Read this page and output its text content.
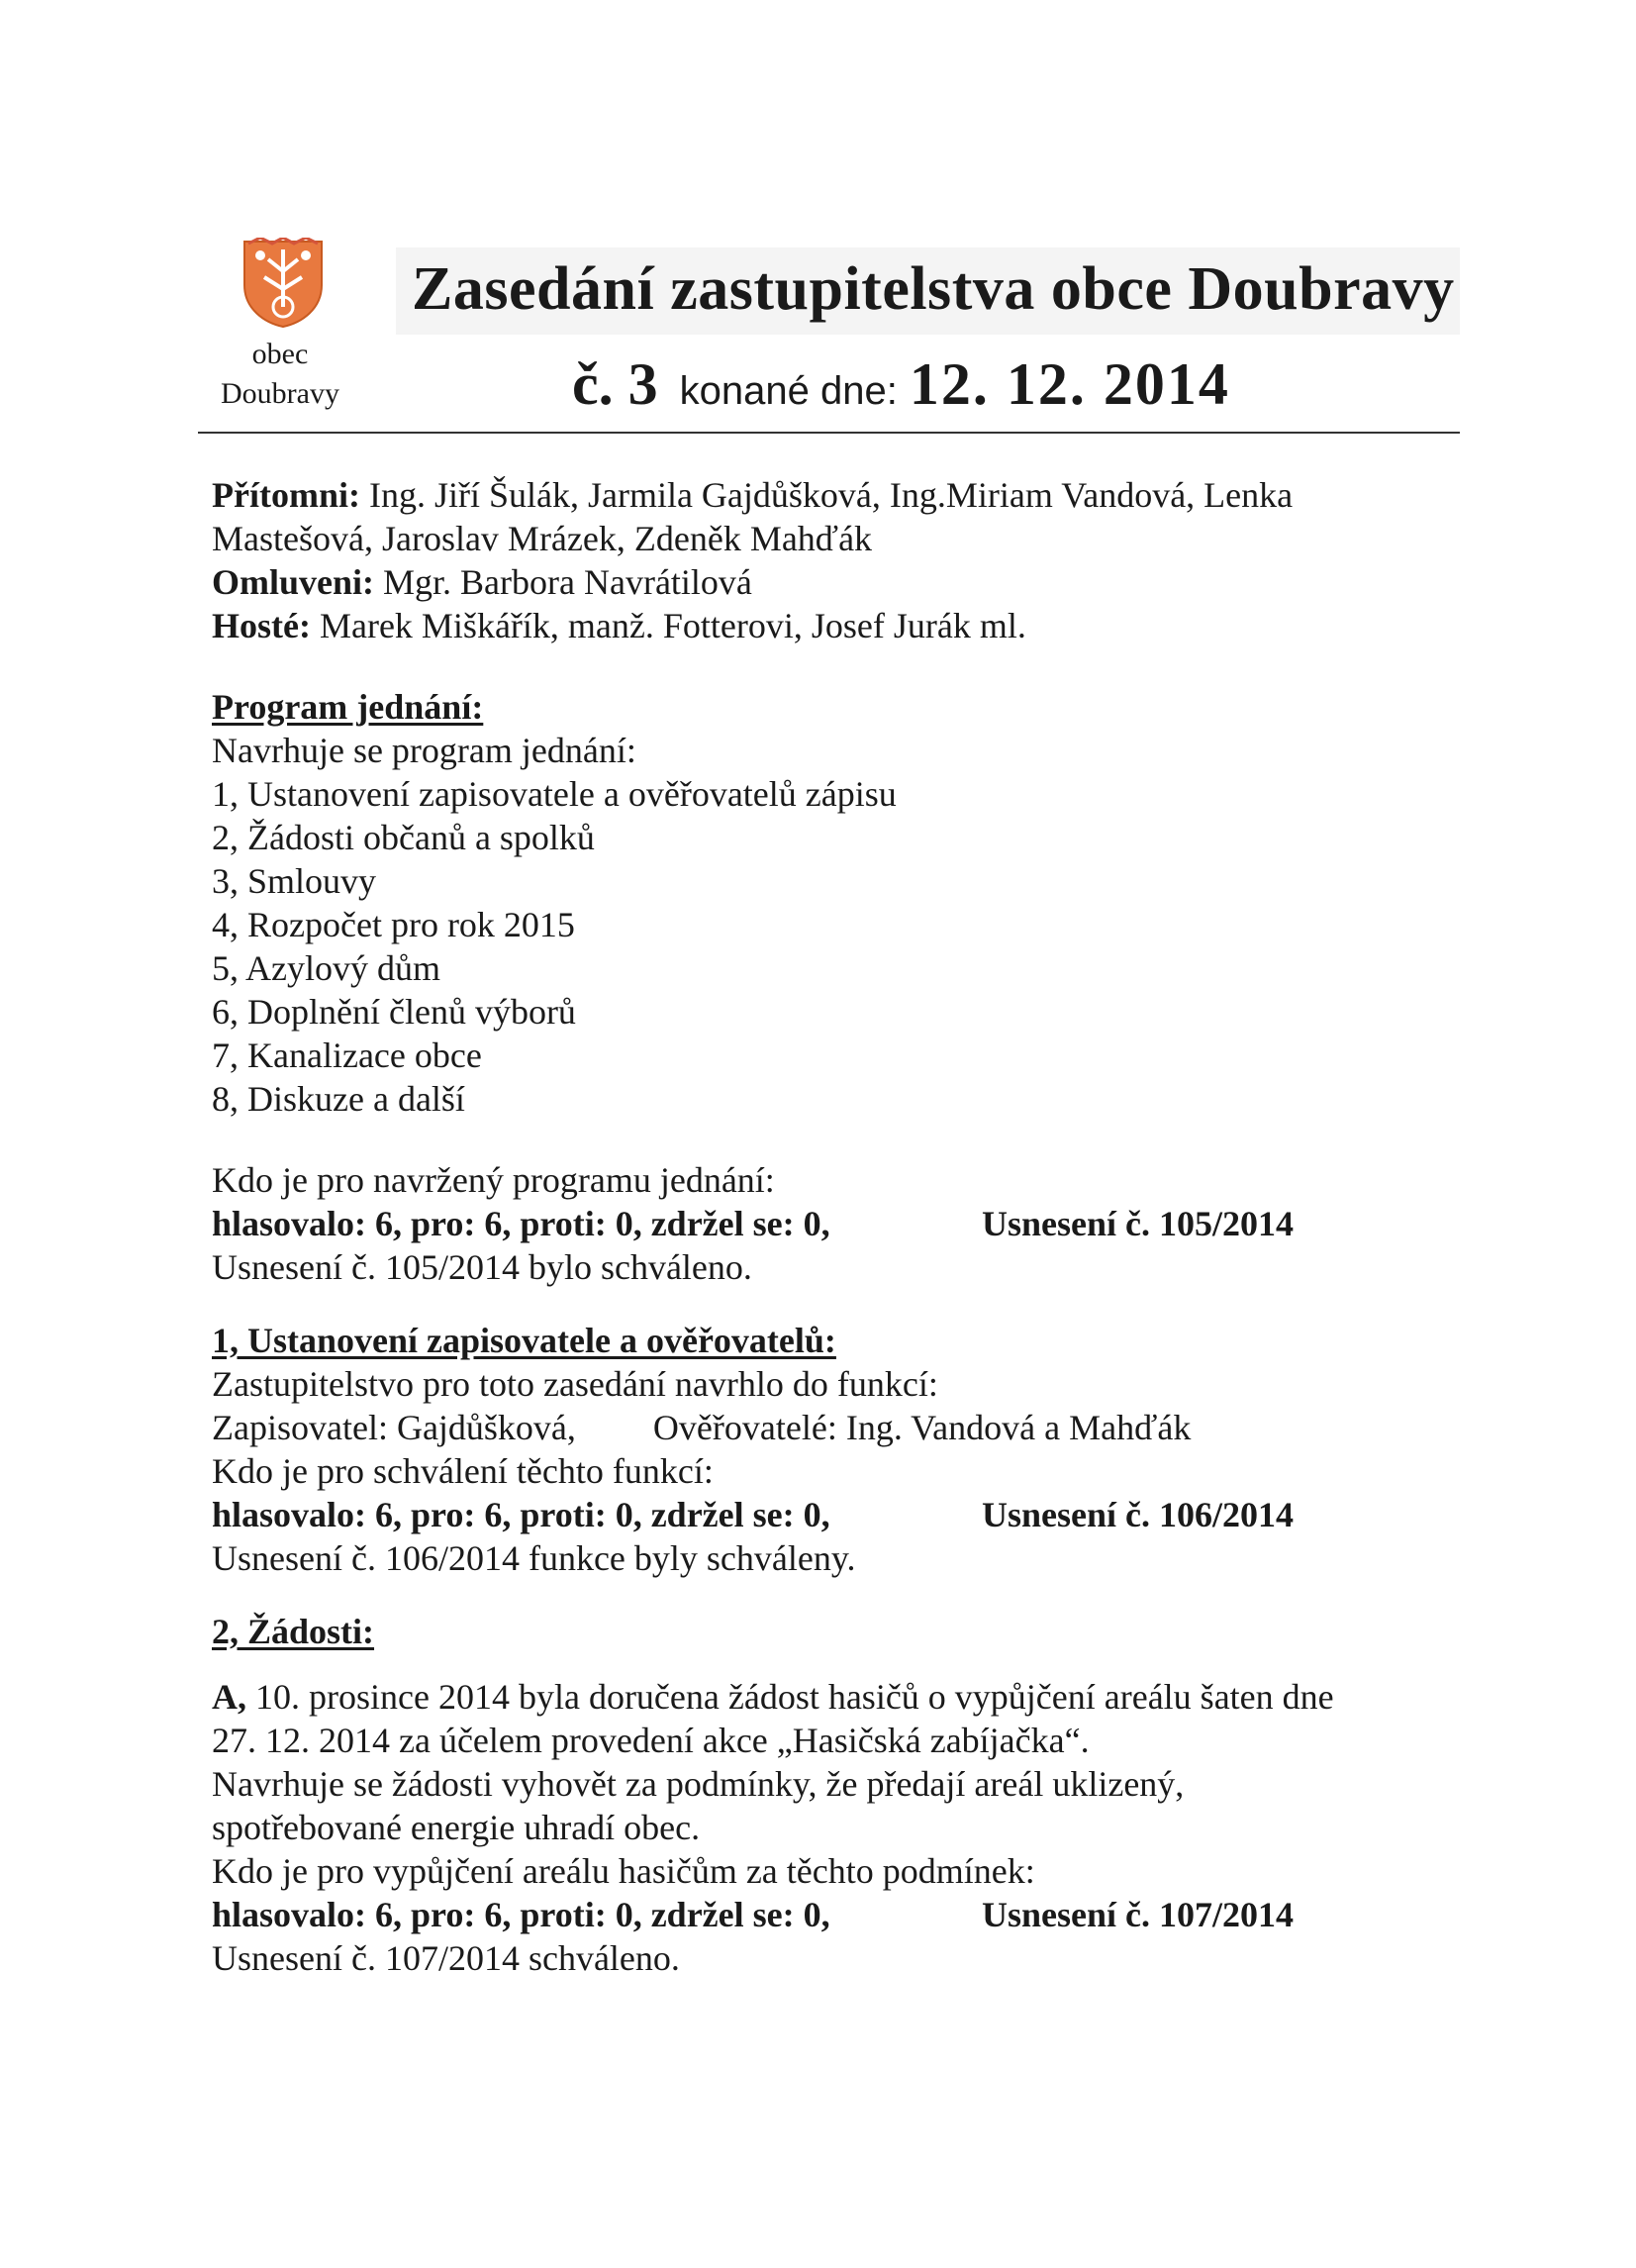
obec
Doubravy
Zasedání zastupitelstva obce Doubravy
č. 3 konané dne: 12. 12. 2014
Přítomni: Ing. Jiří Šulák, Jarmila Gajdůšková, Ing.Miriam Vandová, Lenka
Mastešová, Jaroslav Mrázek, Zdeněk Mahďák
Omluveni: Mgr. Barbora Navrátilová
Hosté: Marek Miškářík, manž. Fotterovi, Josef Jurák ml.
Program jednání:
Navrhuje se program jednání:
1, Ustanovení zapisovatele a ověřovatelů zápisu
2, Žádosti občanů a spolků
3, Smlouvy
4, Rozpočet pro rok 2015
5, Azylový dům
6, Doplnění členů výborů
7, Kanalizace obce
8, Diskuze a další
Kdo je pro navržený programu jednání:
hlasovalo: 6, pro: 6, proti: 0, zdržel se: 0,	Usnesení č. 105/2014
Usnesení č. 105/2014 bylo schváleno.
1, Ustanovení zapisovatele a ověřovatelů:
Zastupitelstvo pro toto zasedání navrhlo do funkcí:
Zapisovatel: Gajdůšková, Ověřovatelé: Ing. Vandová a Mahďák
Kdo je pro schválení těchto funkcí:
hlasovalo: 6, pro: 6, proti: 0, zdržel se: 0,	Usnesení č. 106/2014
Usnesení č. 106/2014 funkce byly schváleny.
2, Žádosti:
A, 10. prosince 2014 byla doručena žádost hasičů o vypůjčení areálu šaten dne
27. 12. 2014 za účelem provedení akce „Hasičská zabíjačka“.
Navrhuje se žádosti vyhovět za podmínky, že předají areál uklizený,
spotřebované energie uhradí obec.
Kdo je pro vypůjčení areálu hasičům za těchto podmínek:
hlasovalo: 6, pro: 6, proti: 0, zdržel se: 0,	Usnesení č. 107/2014
Usnesení č. 107/2014 schváleno.
